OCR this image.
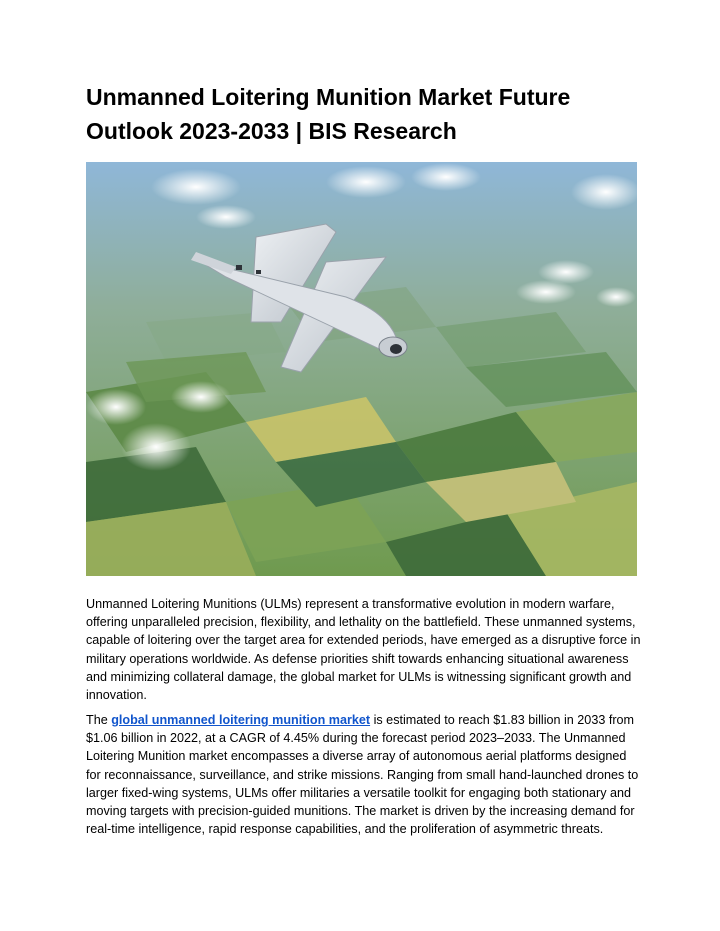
Unmanned Loitering Munition Market Future Outlook 2023-2033 | BIS Research

Unmanned Loitering Munitions (ULMs) represent a transformative evolution in modern warfare, offering unparalleled precision, flexibility, and lethality on the battlefield. These unmanned systems, capable of loitering over the target area for extended periods, have emerged as a disruptive force in military operations worldwide. As defense priorities shift towards enhancing situational awareness and minimizing collateral damage, the global market for ULMs is witnessing significant growth and innovation.

The global unmanned loitering munition market is estimated to reach $1.83 billion in 2033 from $1.06 billion in 2022, at a CAGR of 4.45% during the forecast period 2023–2033. The Unmanned Loitering Munition market encompasses a diverse array of autonomous aerial platforms designed for reconnaissance, surveillance, and strike missions. Ranging from small hand-launched drones to larger fixed-wing systems, ULMs offer militaries a versatile toolkit for engaging both stationary and moving targets with precision-guided munitions. The market is driven by the increasing demand for real-time intelligence, rapid response capabilities, and the proliferation of asymmetric threats.
